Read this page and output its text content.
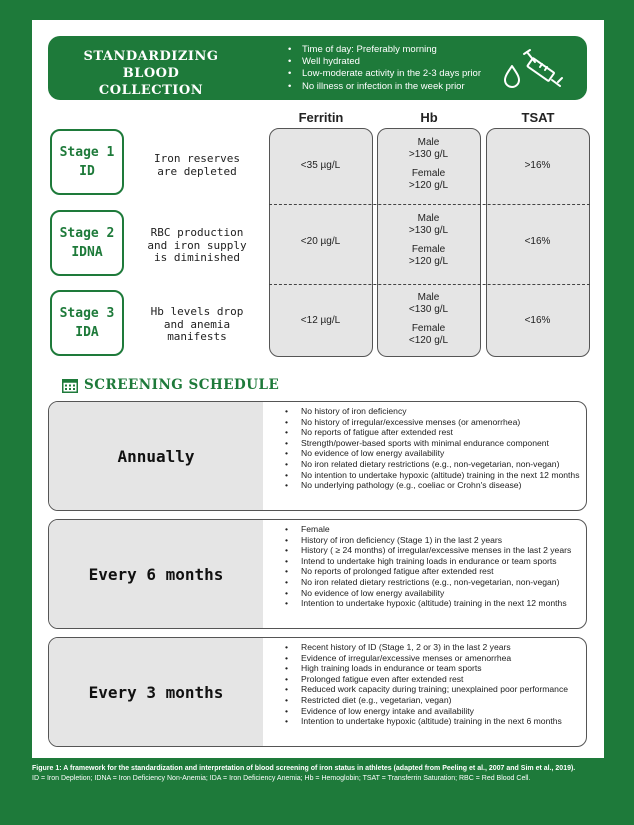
STANDARDIZING BLOOD COLLECTION
• Time of day: Preferably morning
• Well hydrated
• Low-moderate activity in the 2-3 days prior
• No illness or infection in the week prior
Ferritin	Hb	TSAT
<35 µg/L
<20 µg/L
<12 µg/L
Male
>130 g/L
Female
>120 g/L
Male
>130 g/L
Female
>120 g/L
Male
<130 g/L
Female
<120 g/L
>16%
<16%
<16%
Stage 1
ID
Iron reserves are depleted
Stage 2
IDNA
RBC production and iron supply is diminished
Stage 3
IDA
Hb levels drop and anemia manifests
SCREENING SCHEDULE
Annually
• No history of iron deficiency
• No history of irregular/excessive menses (or amenorrhea)
• No reports of fatigue after extended rest
• Strength/power-based sports with minimal endurance component
• No evidence of low energy availability
• No iron related dietary restrictions (e.g., non-vegetarian, non-vegan)
• No intention to undertake hypoxic (altitude) training in the next 12 months
• No underlying pathology (e.g., coeliac or Crohn's disease)
Every 6 months
• Female
• History of iron deficiency (Stage 1) in the last 2 years
• History ( ≥ 24 months) of irregular/excessive menses in the last 2 years
• Intend to undertake high training loads in endurance or team sports
• No reports of prolonged fatigue after extended rest
• No iron related dietary restrictions (e.g., non-vegetarian, non-vegan)
• No evidence of low energy availability
• Intention to undertake hypoxic (altitude) training in the next 12 months
Every 3 months
• Recent history of ID (Stage 1, 2 or 3) in the last 2 years
• Evidence of irregular/excessive menses or amenorrhea
• High training loads in endurance or team sports
• Prolonged fatigue even after extended rest
• Reduced work capacity during training; unexplained poor performance
• Restricted diet (e.g., vegetarian, vegan)
• Evidence of low energy intake and availability
• Intention to undertake hypoxic (altitude) training in the next 6 months
Figure 1: A framework for the standardization and interpretation of blood screening of iron status in athletes (adapted from Peeling et al., 2007 and Sim et al., 2019).
ID = Iron Depletion; IDNA = Iron Deficiency Non-Anemia; IDA = Iron Deficiency Anemia; Hb = Hemoglobin; TSAT = Transferrin Saturation; RBC = Red Blood Cell.
